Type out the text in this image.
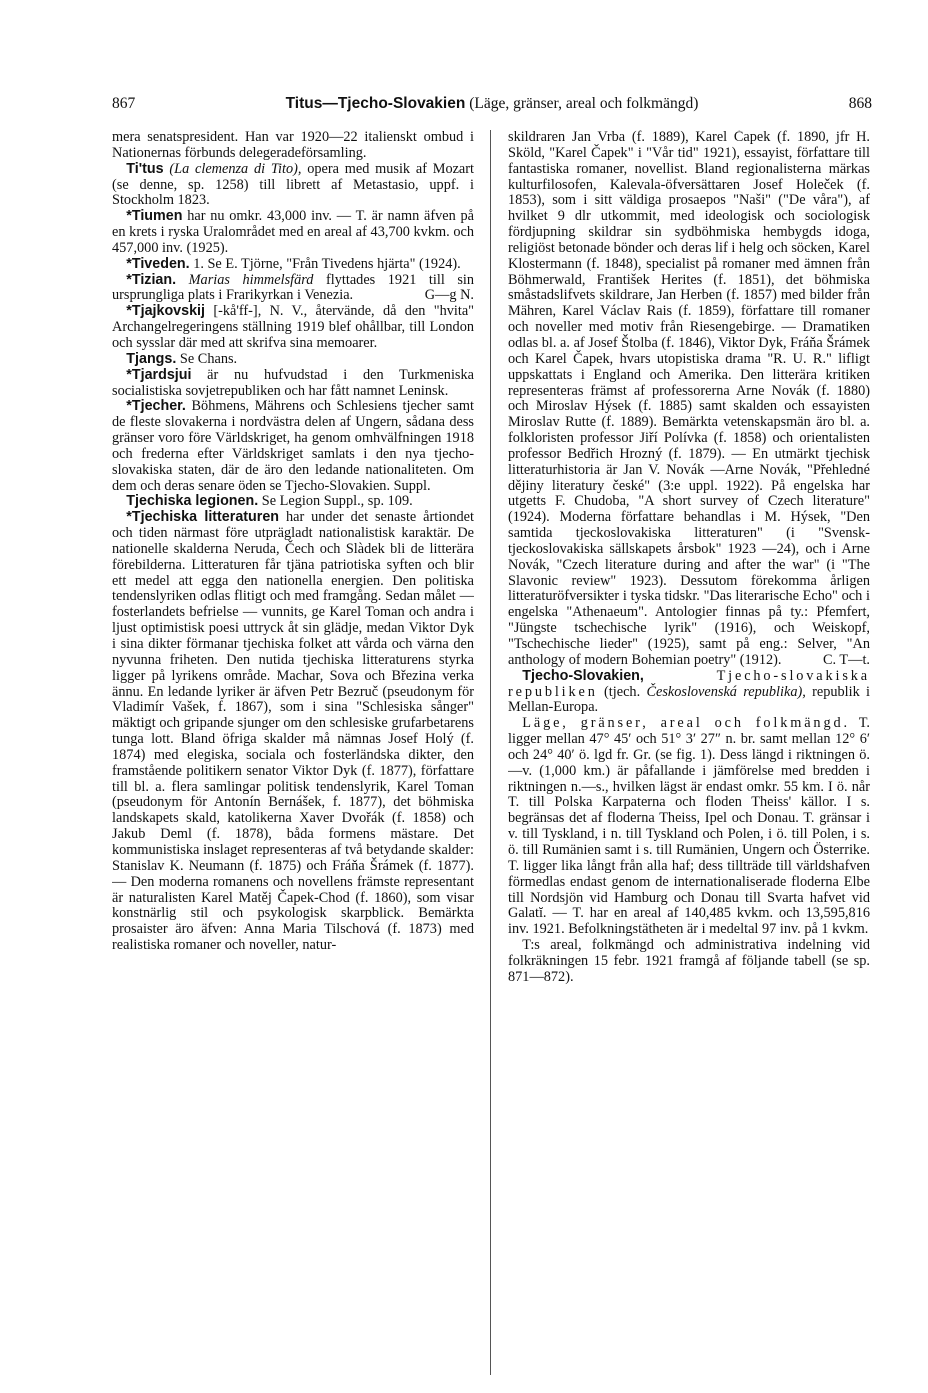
867	Titus—Tjecho-Slovakien (Läge, gränser, areal och folkmängd)	868

mera senatspresident. Han var 1920—22 italienskt ombud i Nationernas förbunds delegeradeförsamling.

Ti'tus (La clemenza di Tito), opera med musik af Mozart (se denne, sp. 1258) till librett af Metastasio, uppf. i Stockholm 1823.

*Tiumen har nu omkr. 43,000 inv. — T. är namn äfven på en krets i ryska Uralområdet med en areal af 43,700 kvkm. och 457,000 inv. (1925).

*Tiveden. 1. Se E. Tjörne, "Från Tivedens hjärta" (1924).

*Tizian. Marias himmelsfärd flyttades 1921 till sin ursprungliga plats i Frarikyrkan i Venezia.	G—g N.

*Tjajkovskij [-kå'ff-], N. V., återvände, då den "hvita" Archangelregeringens ställning 1919 blef ohållbar, till London och sysslar där med att skrifva sina memoarer.

Tjangs. Se Chans.

*Tjardsjui är nu hufvudstad i den Turkmeniska socialistiska sovjetrepubliken och har fått namnet Leninsk.

*Tjecher. Böhmens, Mährens och Schlesiens tjecher samt de fleste slovakerna i nordvästra delen af Ungern, sådana dess gränser voro före Världskriget, ha genom omhvälfningen 1918 och frederna efter Världskriget samlats i den nya tjecho-slovakiska staten, där de äro den ledande nationaliteten. Om dem och deras senare öden se Tjecho-Slovakien. Suppl.

Tjechiska legionen. Se Legion Suppl., sp. 109.

*Tjechiska litteraturen har under det senaste årtiondet och tiden närmast före utprägladt nationalistisk karaktär. De nationelle skalderna Neruda, Čech och Slàdek bli de litterära förebilderna. Litteraturen får tjäna patriotiska syften och blir ett medel att egga den nationella energien. Den politiska tendenslyriken odlas flitigt och med framgång. Sedan målet — fosterlandets befrielse — vunnits, ge Karel Toman och andra i ljust optimistisk poesi uttryck åt sin glädje, medan Viktor Dyk i sina dikter förmanar tjechiska folket att vårda och värna den nyvunna friheten. Den nutida tjechiska litteraturens styrka ligger på lyrikens område. Machar, Sova och Březina verka ännu. En ledande lyriker är äfven Petr Bezruč (pseudonym för Vladimír Vašek, f. 1867), som i sina "Schlesiska sånger" mäktigt och gripande sjunger om den schlesiske grufarbetarens tunga lott. Bland öfriga skalder må nämnas Josef Holý (f. 1874) med elegiska, sociala och fosterländska dikter, den framstående politikern senator Viktor Dyk (f. 1877), författare till bl. a. flera samlingar politisk tendenslyrik, Karel Toman (pseudonym för Antonín Bernášek, f. 1877), det böhmiska landskapets skald, katolikerna Xaver Dvořák (f. 1858) och Jakub Deml (f. 1878), båda formens mästare. Det kommunistiska inslaget representeras af två betydande skalder: Stanislav K. Neumann (f. 1875) och Fráňa Šrámek (f. 1877). — Den moderna romanens och novellens främste representant är naturalisten Karel Matěj Čapek-Chod (f. 1860), som visar konstnärlig stil och psykologisk skarpblick. Bemärkta prosaister äro äfven: Anna Maria Tilschová (f. 1873) med realistiska romaner och noveller, natur-

skildraren Jan Vrba (f. 1889), Karel Čapek (f. 1890, jfr H. Sköld, "Karel Čapek" i "Vår tid" 1921), essayist, författare till fantastiska romaner, novellist. Bland regionalisterna märkas kulturfilosofen, Kalevala-öfversättaren Josef Holeček (f. 1853), som i sitt väldiga prosaepos "Naši" ("De våra"), af hvilket 9 dlr utkommit, med ideologisk och sociologisk fördjupning skildrar sin sydböhmiska hembygds idoga, religiöst betonade bönder och deras lif i helg och söcken, Karel Klostermann (f. 1848), specialist på romaner med ämnen från Böhmerwald, František Herites (f. 1851), det böhmiska småstadslifvets skildrare, Jan Herben (f. 1857) med bilder från Mähren, Karel Václav Rais (f. 1859), författare till romaner och noveller med motiv från Riesengebirge. — Dramatiken odlas bl. a. af Josef Štolba (f. 1846), Viktor Dyk, Fráňa Šrámek och Karel Čapek, hvars utopistiska drama "R. U. R." lifligt uppskattats i England och Amerika. Den litterära kritiken representeras främst af professorerna Arne Novák (f. 1880) och Miroslav Hýsek (f. 1885) samt skalden och essayisten Miroslav Rutte (f. 1889). Bemärkta vetenskapsmän äro bl. a. folkloristen professor Jiří Polívka (f. 1858) och orientalisten professor Bedřich Hrozný (f. 1879). — En utmärkt tjechisk litteraturhistoria är Jan V. Novák —Arne Novák, "Přehledné dějiny literatury české" (3:e uppl. 1922). På engelska har utgetts F. Chudoba, "A short survey of Czech literature" (1924). Moderna författare behandlas i M. Hýsek, "Den samtida tjeckoslovakiska litteraturen" (i "Svensk-tjeckoslovakiska sällskapets årsbok" 1923 —24), och i Arne Novák, "Czech literature during and after the war" (i "The Slavonic review" 1923). Dessutom förekomma årligen litteraturöfversikter i tyska tidskr. "Das literarische Echo" och i engelska "Athenaeum". Antologier finnas på ty.: Pfemfert, "Jüngste tschechische lyrik" (1916), och Weiskopf, "Tschechische lieder" (1925), samt på eng.: Selver, "An anthology of modern Bohemian poetry" (1912).	C. T—t.

Tjecho-Slovakien,	Tjecho-slovakiska republiken (tjech. Československá republika), republik i Mellan-Europa.

Läge, gränser, areal och folkmängd. T. ligger mellan 47° 45′ och 51° 3′ 27″ n. br. samt mellan 12° 6′ och 24° 40′ ö. lgd fr. Gr. (se fig. 1). Dess längd i riktningen ö.—v. (1,000 km.) är påfallande i jämförelse med bredden i riktningen n.—s., hvilken lägst är endast omkr. 55 km. I ö. når T. till Polska Karpaterna och floden Theiss' källor. I s. begränsas det af floderna Theiss, Ipel och Donau. T. gränsar i v. till Tyskland, i n. till Tyskland och Polen, i ö. till Polen, i s. ö. till Rumänien samt i s. till Rumänien, Ungern och Österrike. T. ligger lika långt från alla haf; dess tillträde till världshafven förmedlas endast genom de internationaliserade floderna Elbe till Nordsjön vid Hamburg och Donau till Svarta hafvet vid Galatĭ. — T. har en areal af 140,485 kvkm. och 13,595,816 inv. 1921. Befolkningstätheten är i medeltal 97 inv. på 1 kvkm.

T:s areal, folkmängd och administrativa indelning vid folkräkningen 15 febr. 1921 framgå af följande tabell (se sp. 871—872).
